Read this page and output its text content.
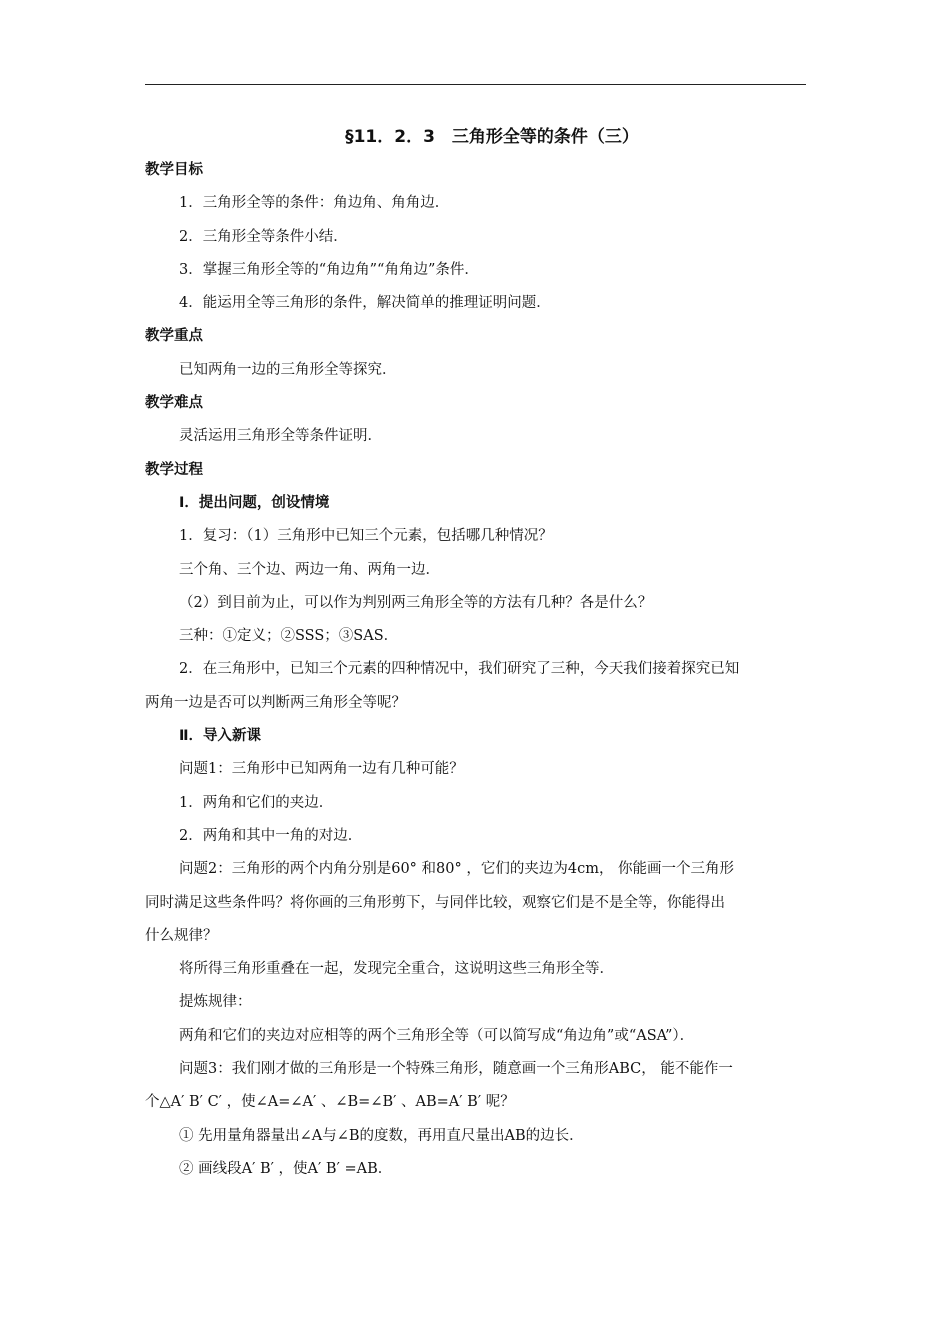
§11．2．3　三角形全等的条件（三）

教学目标

1．三角形全等的条件：角边角、角角边．

2．三角形全等条件小结．

3．掌握三角形全等的“角边角”“角角边”条件．

4．能运用全等三角形的条件，解决简单的推理证明问题．

教学重点

已知两角一边的三角形全等探究．

教学难点

灵活运用三角形全等条件证明．

教学过程

Ⅰ．提出问题，创设情境

1．复习：（1）三角形中已知三个元素，包括哪几种情况？

三个角、三个边、两边一角、两角一边．

（2）到目前为止，可以作为判别两三角形全等的方法有几种？各是什么？

三种：①定义；②SSS；③SAS．

2．在三角形中，已知三个元素的四种情况中，我们研究了三种，今天我们接着探究已知

两角一边是否可以判断两三角形全等呢？

Ⅱ．导入新课

问题1：三角形中已知两角一边有几种可能？

1．两角和它们的夹边．

2．两角和其中一角的对边．

问题2：三角形的两个内角分别是60° 和80° ，它们的夹边为4cm， 你能画一个三角形

同时满足这些条件吗？将你画的三角形剪下，与同伴比较，观察它们是不是全等，你能得出

什么规律？

将所得三角形重叠在一起，发现完全重合，这说明这些三角形全等．

提炼规律：

两角和它们的夹边对应相等的两个三角形全等（可以简写成“角边角”或“ASA”）．

问题3：我们刚才做的三角形是一个特殊三角形，随意画一个三角形ABC， 能不能作一

个△A′ B′ C′ ，使∠A=∠A′ 、∠B=∠B′ 、AB=A′ B′ 呢？

① 先用量角器量出∠A与∠B的度数，再用直尺量出AB的边长．

② 画线段A′ B′ ，使A′ B′ =AB．
